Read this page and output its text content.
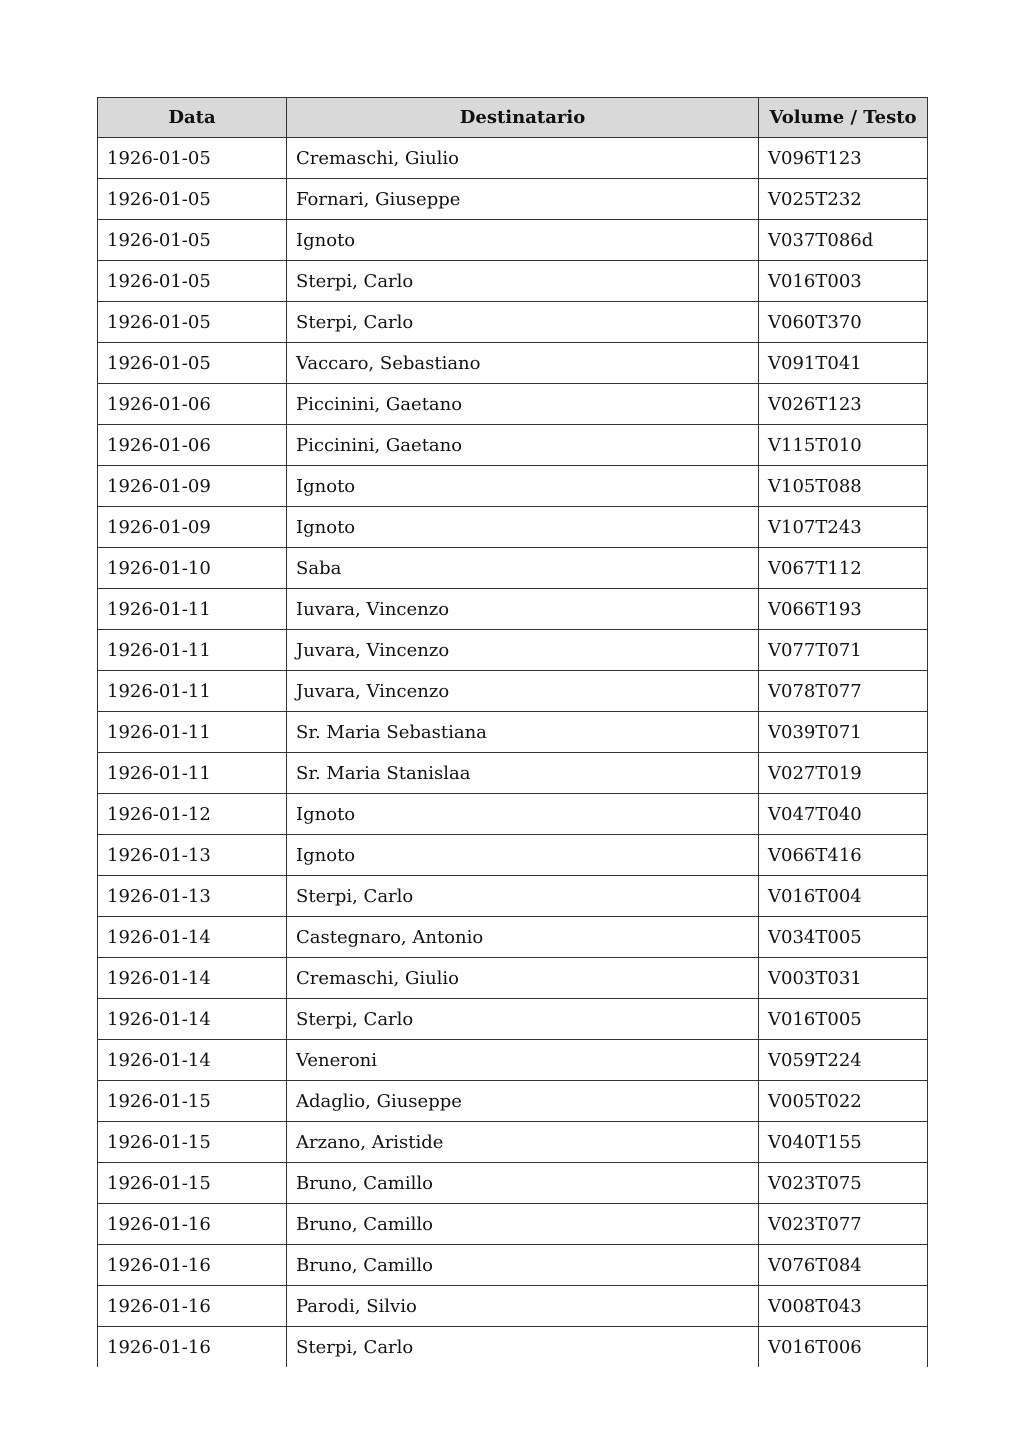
Data	Destinatario	Volume / Testo
1926-01-05	Cremaschi, Giulio	V096T123
1926-01-05	Fornari, Giuseppe	V025T232
1926-01-05	Ignoto	V037T086d
1926-01-05	Sterpi, Carlo	V016T003
1926-01-05	Sterpi, Carlo	V060T370
1926-01-05	Vaccaro, Sebastiano	V091T041
1926-01-06	Piccinini, Gaetano	V026T123
1926-01-06	Piccinini, Gaetano	V115T010
1926-01-09	Ignoto	V105T088
1926-01-09	Ignoto	V107T243
1926-01-10	Saba	V067T112
1926-01-11	Iuvara, Vincenzo	V066T193
1926-01-11	Juvara, Vincenzo	V077T071
1926-01-11	Juvara, Vincenzo	V078T077
1926-01-11	Sr. Maria Sebastiana	V039T071
1926-01-11	Sr. Maria Stanislaa	V027T019
1926-01-12	Ignoto	V047T040
1926-01-13	Ignoto	V066T416
1926-01-13	Sterpi, Carlo	V016T004
1926-01-14	Castegnaro, Antonio	V034T005
1926-01-14	Cremaschi, Giulio	V003T031
1926-01-14	Sterpi, Carlo	V016T005
1926-01-14	Veneroni	V059T224
1926-01-15	Adaglio, Giuseppe	V005T022
1926-01-15	Arzano, Aristide	V040T155
1926-01-15	Bruno, Camillo	V023T075
1926-01-16	Bruno, Camillo	V023T077
1926-01-16	Bruno, Camillo	V076T084
1926-01-16	Parodi, Silvio	V008T043
1926-01-16	Sterpi, Carlo	V016T006
